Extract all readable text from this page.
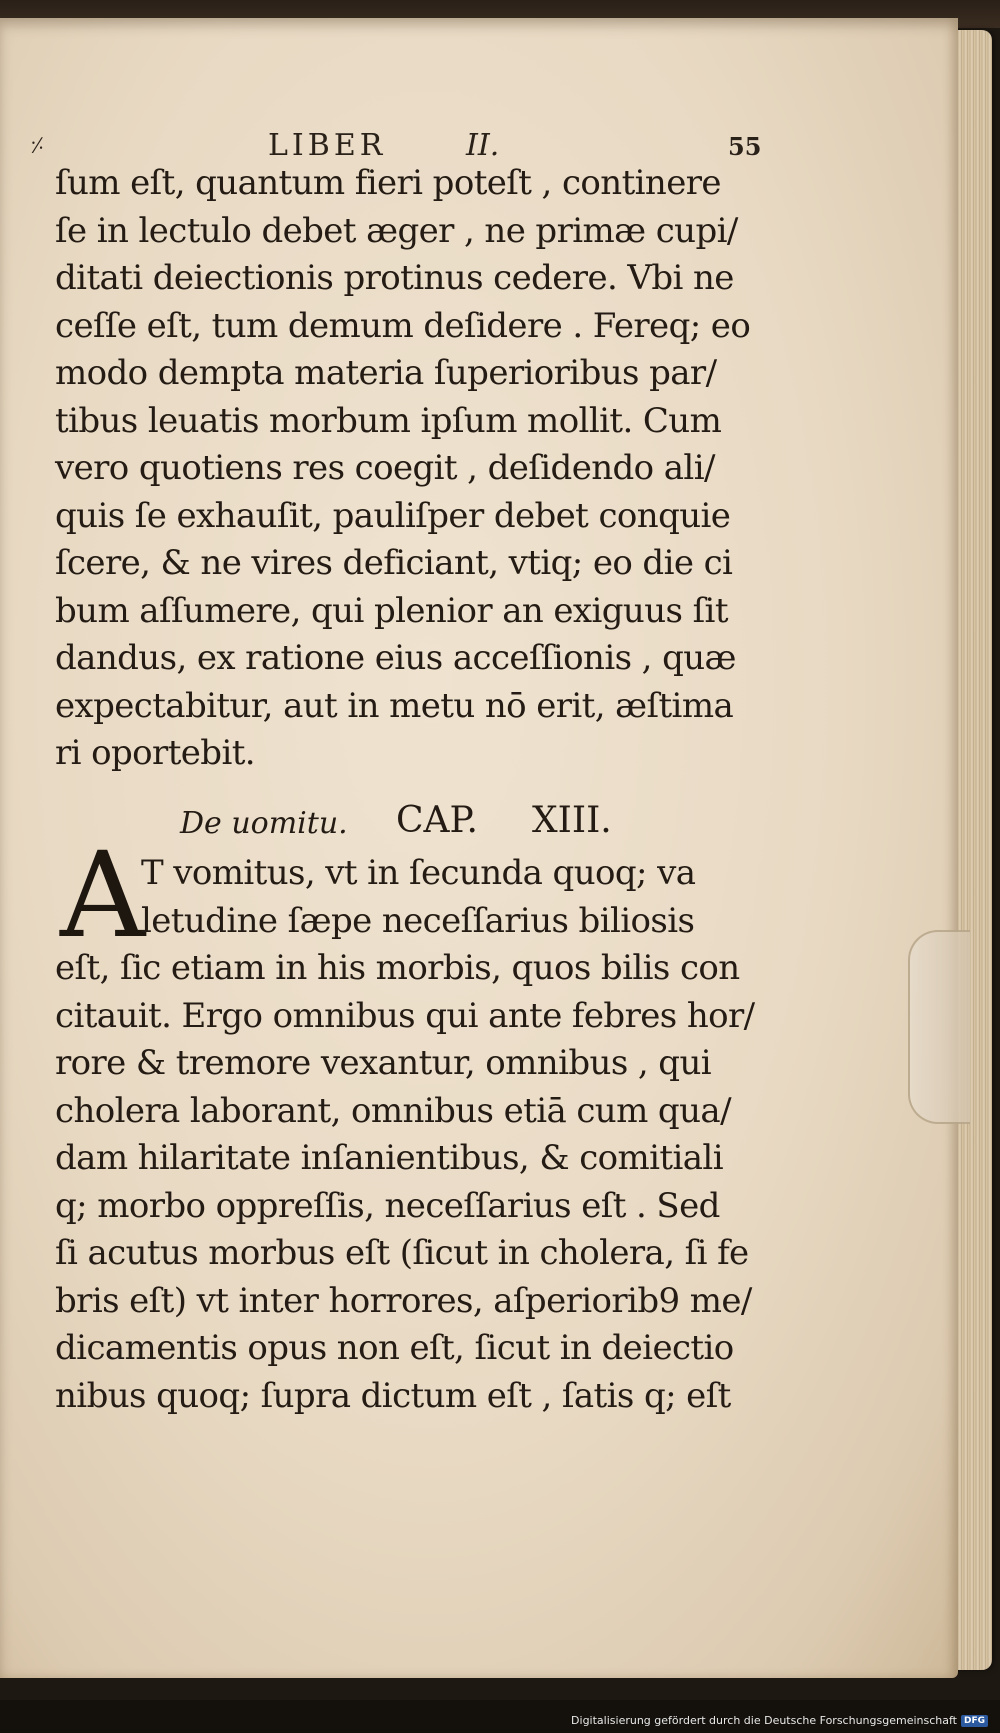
⸓	LIBER	II.	55
ſum eſt, quantum fieri poteſt , continere
ſe in lectulo debet æger , ne primæ cupi/
ditati deiectionis protinus cedere. Vbi ne
ceſſe eſt, tum demum deſidere . Fereq; eo
modo dempta materia ſuperioribus par/
tibus leuatis morbum ipſum mollit. Cum
vero quotiens res coegit , deſidendo ali/
quis ſe exhauſit, pauliſper debet conquie
ſcere, & ne vires deficiant, vtiq; eo die ci
bum aſſumere, qui plenior an exiguus ſit
dandus, ex ratione eius acceſſionis , quæ
expectabitur, aut in metu nō erit, æſtima
ri oportebit.
De uomitu. CAP. XIII.
A
T vomitus, vt in ſecunda quoq; va
letudine ſæpe neceſſarius biliosis
eſt, ſic etiam in his morbis, quos bilis con
citauit. Ergo omnibus qui ante febres hor/
rore & tremore vexantur, omnibus , qui
cholera laborant, omnibus etiā cum qua/
dam hilaritate inſanientibus, & comitiali
q; morbo oppreſſis, neceſſarius eſt . Sed
ſi acutus morbus eſt (ſicut in cholera, ſi fe
bris eſt) vt inter horrores, aſperiorib9 me/
dicamentis opus non eſt, ſicut in deiectio
nibus quoq; ſupra dictum eſt , ſatis q; eſt
Digitalisierung gefördert durch die Deutsche Forschungsgemeinschaft DFG
